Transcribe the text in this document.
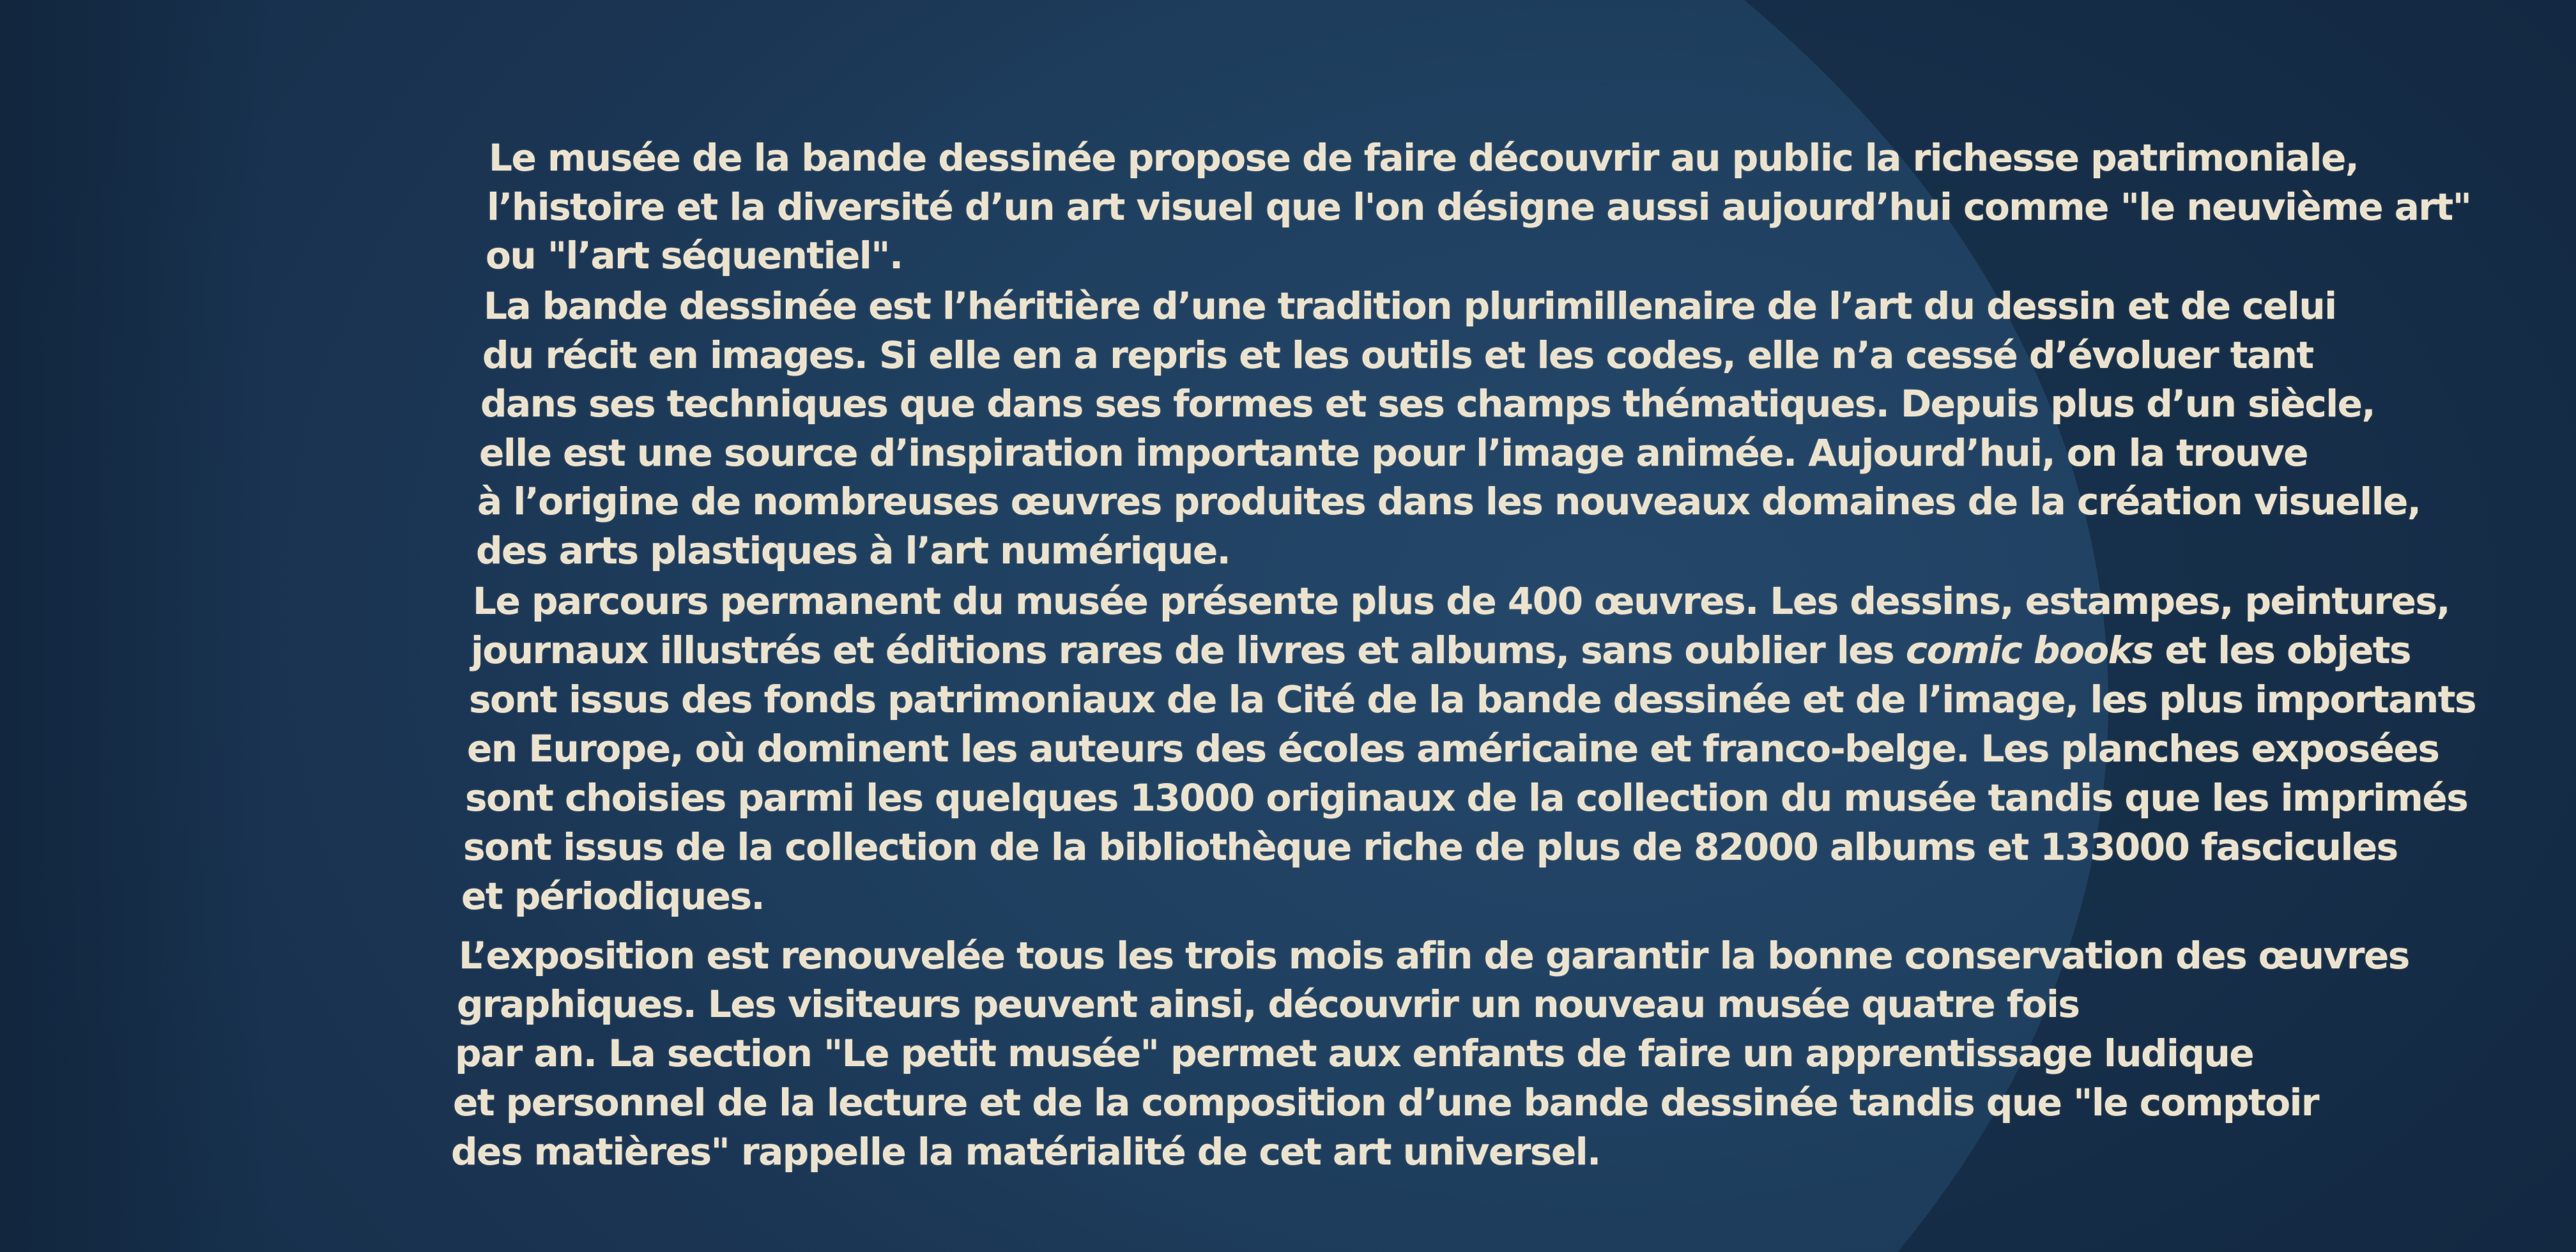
Le musée de la bande dessinée propose de faire découvrir au public la richesse patrimoniale,
l’histoire et la diversité d’un art visuel que l'on désigne aussi aujourd’hui comme "le neuvième art"
ou "l’art séquentiel".
La bande dessinée est l’héritière d’une tradition plurimillenaire de l’art du dessin et de celui
du récit en images. Si elle en a repris et les outils et les codes, elle n’a cessé d’évoluer tant
dans ses techniques que dans ses formes et ses champs thématiques. Depuis plus d’un siècle,
elle est une source d’inspiration importante pour l’image animée. Aujourd’hui, on la trouve
à l’origine de nombreuses œuvres produites dans les nouveaux domaines de la création visuelle,
des arts plastiques à l’art numérique.
Le parcours permanent du musée présente plus de 400 œuvres. Les dessins, estampes, peintures,
journaux illustrés et éditions rares de livres et albums, sans oublier les comic books et les objets
sont issus des fonds patrimoniaux de la Cité de la bande dessinée et de l’image, les plus importants
en Europe, où dominent les auteurs des écoles américaine et franco-belge. Les planches exposées
sont choisies parmi les quelques 13000 originaux de la collection du musée tandis que les imprimés
sont issus de la collection de la bibliothèque riche de plus de 82000 albums et 133000 fascicules
et périodiques.
L’exposition est renouvelée tous les trois mois afin de garantir la bonne conservation des œuvres
graphiques. Les visiteurs peuvent ainsi, découvrir un nouveau musée quatre fois
par an. La section "Le petit musée" permet aux enfants de faire un apprentissage ludique
et personnel de la lecture et de la composition d’une bande dessinée tandis que "le comptoir
des matières" rappelle la matérialité de cet art universel.
